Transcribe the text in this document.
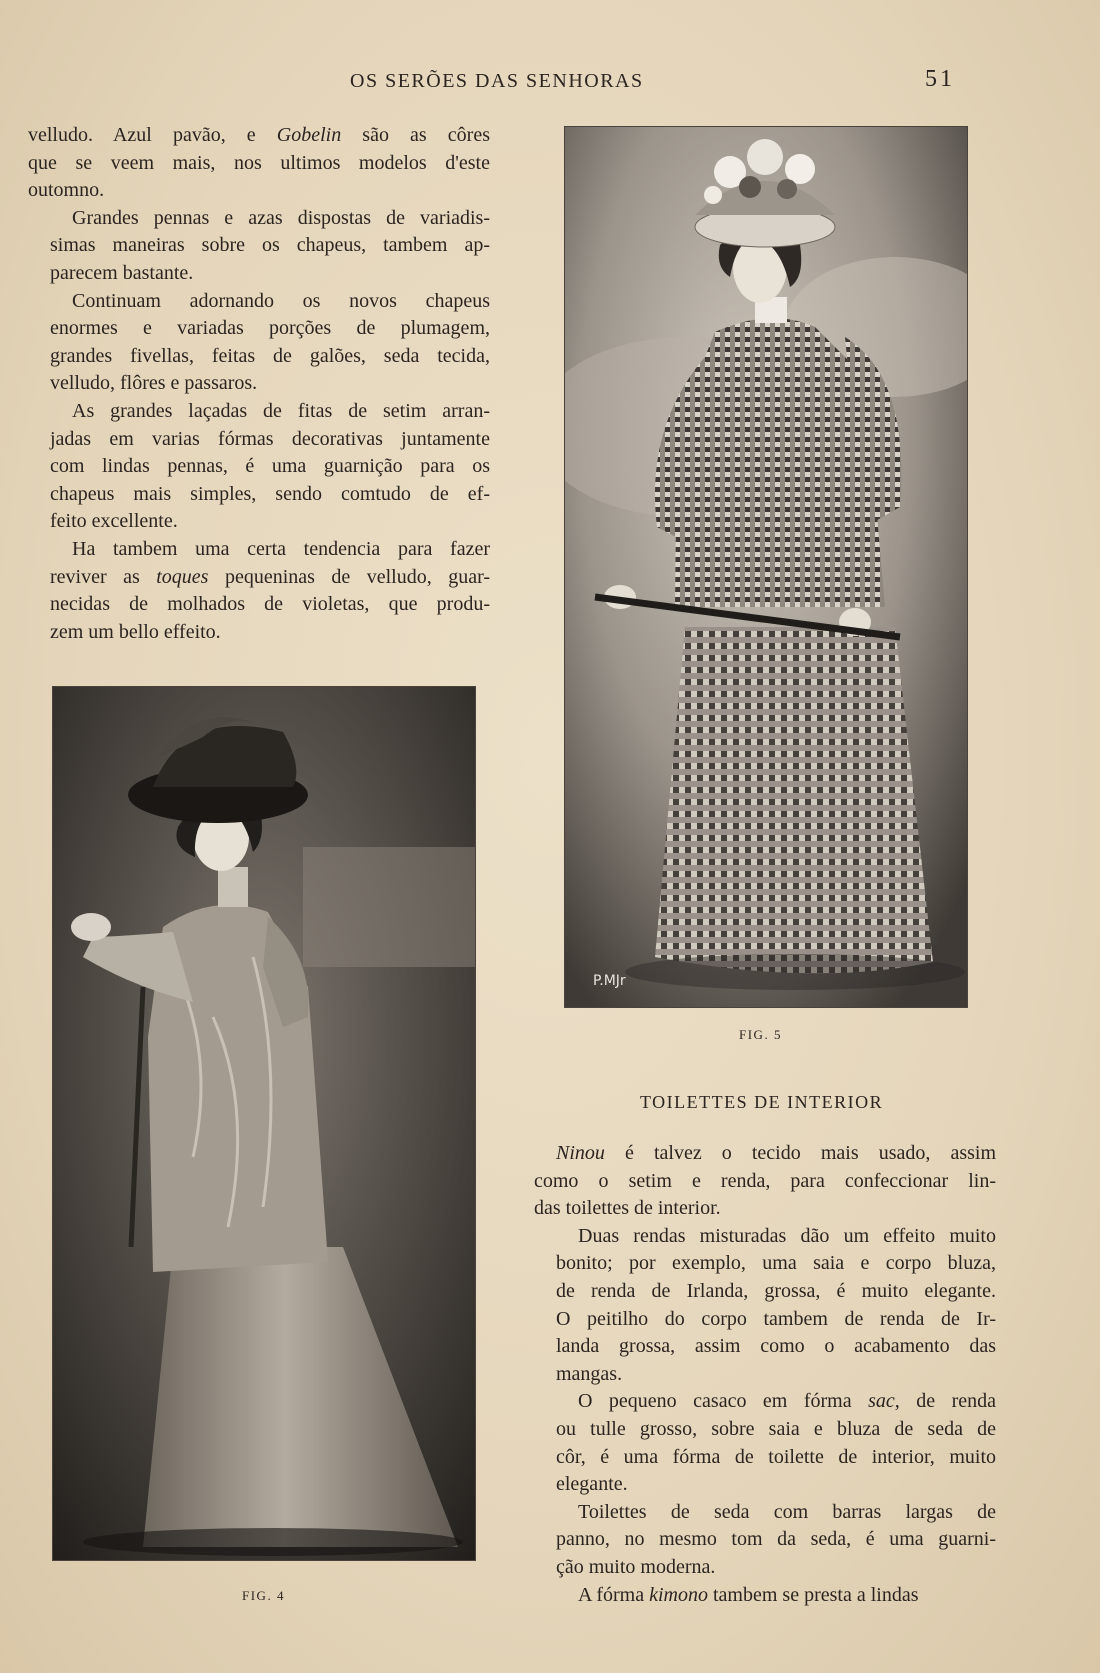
OS SERÕES DAS SENHORAS	51

velludo. Azul pavão, e Gobelin são as côres
que se veem mais, nos ultimos modelos d'este
outomno.

Grandes pennas e azas dispostas de variadis-
simas maneiras sobre os chapeus, tambem ap-
parecem bastante.

Continuam adornando os novos chapeus
enormes e variadas porções de plumagem,
grandes fivellas, feitas de galões, seda tecida,
velludo, flôres e passaros.

As grandes laçadas de fitas de setim arran-
jadas em varias fórmas decorativas juntamente
com lindas pennas, é uma guarnição para os
chapeus mais simples, sendo comtudo de ef-
feito excellente.

Ha tambem uma certa tendencia para fazer
reviver as toques pequeninas de velludo, guar-
necidas de molhados de violetas, que produ-
zem um bello effeito.

P.MJr
FIG. 5
FIG. 4
TOILETTES DE INTERIOR

Ninou é talvez o tecido mais usado, assim
como o setim e renda, para confeccionar lin-
das toilettes de interior.

Duas rendas misturadas dão um effeito muito
bonito; por exemplo, uma saia e corpo bluza,
de renda de Irlanda, grossa, é muito elegante.
O peitilho do corpo tambem de renda de Ir-
landa grossa, assim como o acabamento das
mangas.

O pequeno casaco em fórma sac, de renda
ou tulle grosso, sobre saia e bluza de seda de
côr, é uma fórma de toilette de interior, muito
elegante.

Toilettes de seda com barras largas de
panno, no mesmo tom da seda, é uma guarni-
ção muito moderna.

A fórma kimono tambem se presta a lindas
